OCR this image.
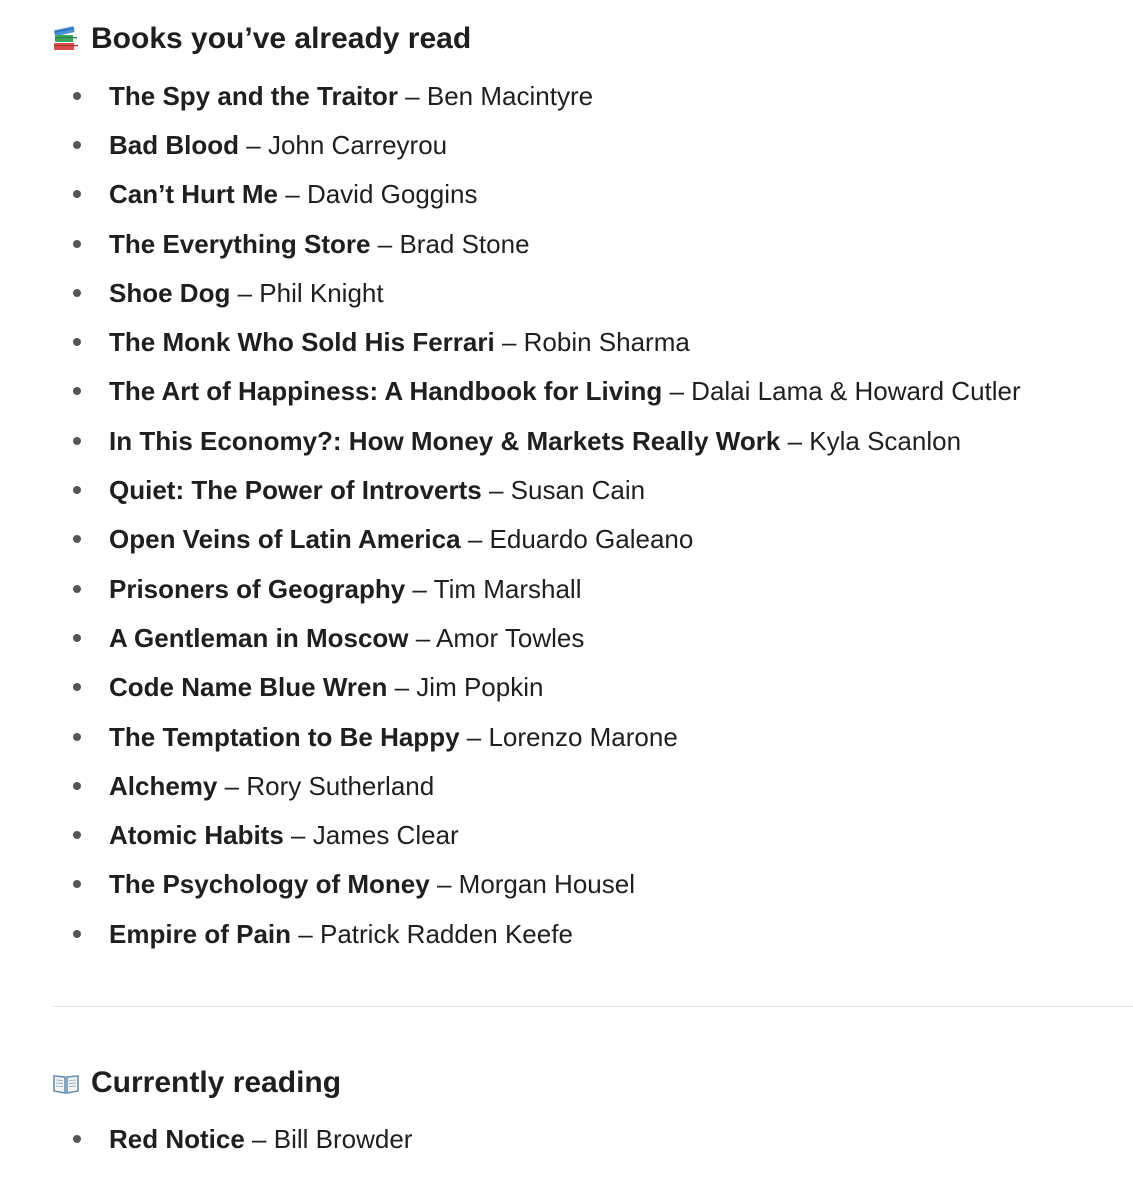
Books you’ve already read
The Spy and the Traitor – Ben Macintyre
Bad Blood – John Carreyrou
Can’t Hurt Me – David Goggins
The Everything Store – Brad Stone
Shoe Dog – Phil Knight
The Monk Who Sold His Ferrari – Robin Sharma
The Art of Happiness: A Handbook for Living – Dalai Lama & Howard Cutler
In This Economy?: How Money & Markets Really Work – Kyla Scanlon
Quiet: The Power of Introverts – Susan Cain
Open Veins of Latin America – Eduardo Galeano
Prisoners of Geography – Tim Marshall
A Gentleman in Moscow – Amor Towles
Code Name Blue Wren – Jim Popkin
The Temptation to Be Happy – Lorenzo Marone
Alchemy – Rory Sutherland
Atomic Habits – James Clear
The Psychology of Money – Morgan Housel
Empire of Pain – Patrick Radden Keefe
Currently reading
Red Notice – Bill Browder
